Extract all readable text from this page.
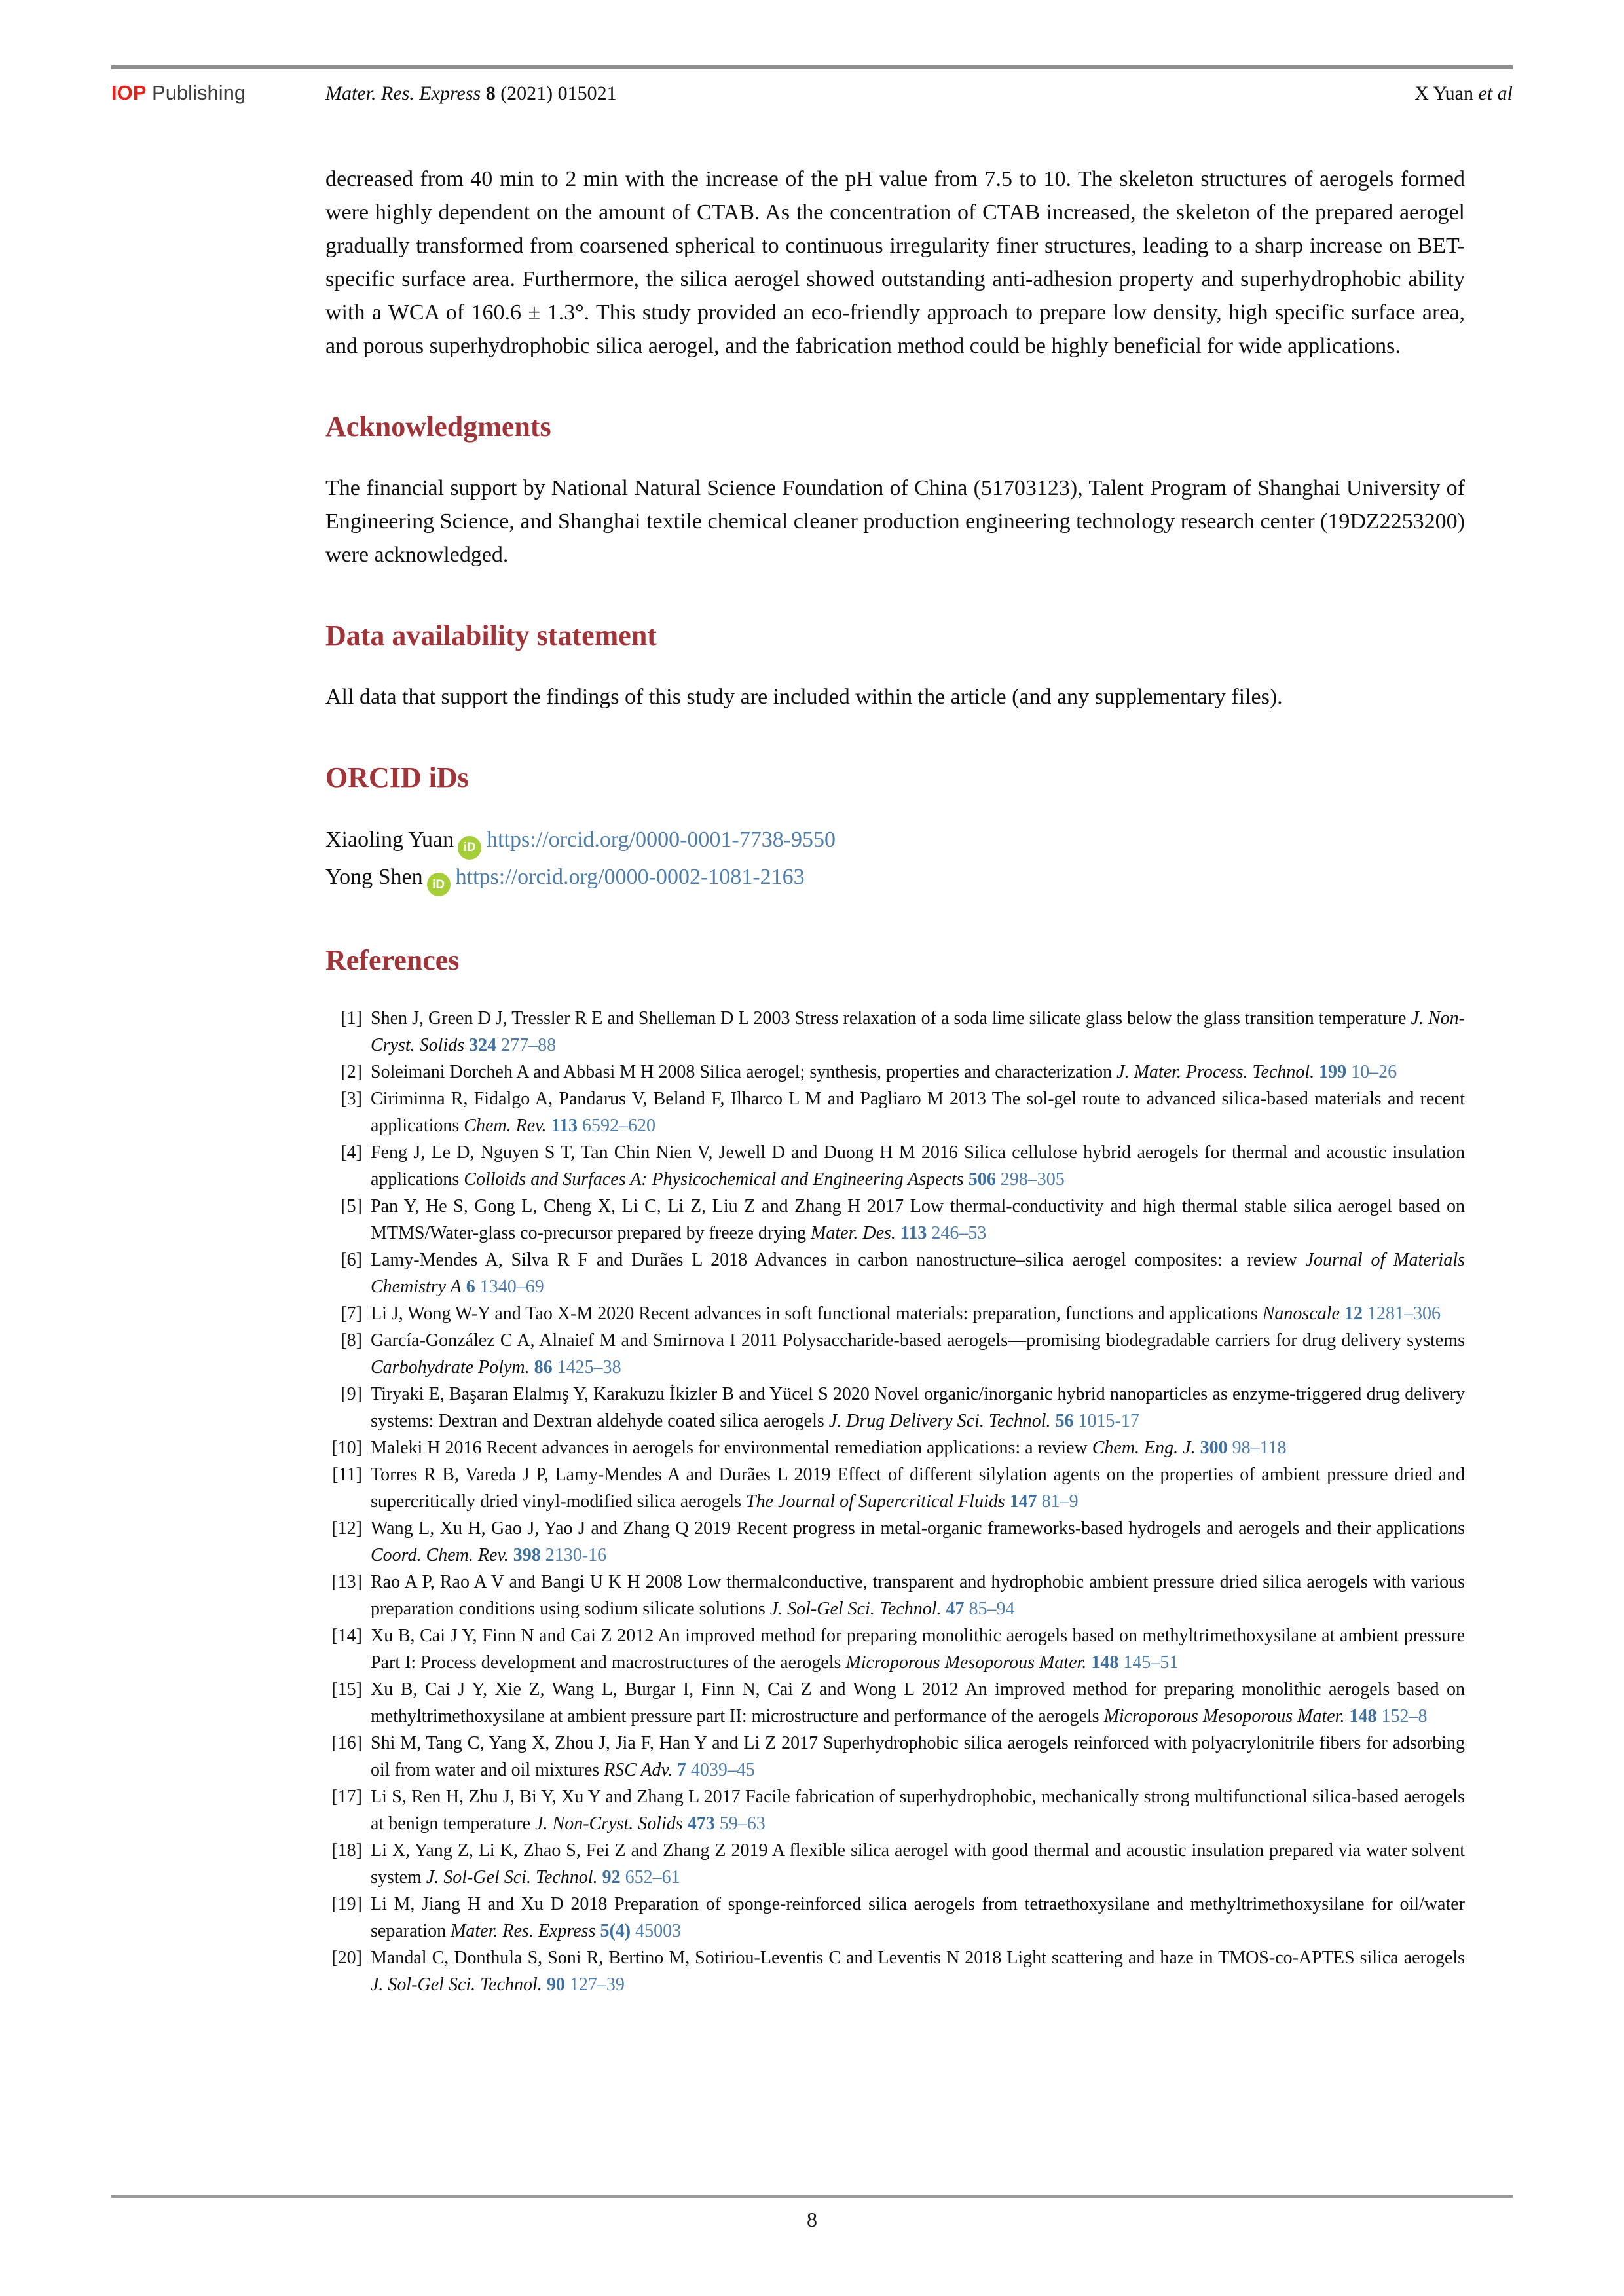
IOP Publishing	Mater. Res. Express 8 (2021) 015021	X Yuan et al

decreased from 40 min to 2 min with the increase of the pH value from 7.5 to 10. The skeleton structures of aerogels formed were highly dependent on the amount of CTAB. As the concentration of CTAB increased, the skeleton of the prepared aerogel gradually transformed from coarsened spherical to continuous irregularity finer structures, leading to a sharp increase on BET-specific surface area. Furthermore, the silica aerogel showed outstanding anti-adhesion property and superhydrophobic ability with a WCA of 160.6 ± 1.3°. This study provided an eco-friendly approach to prepare low density, high specific surface area, and porous superhydrophobic silica aerogel, and the fabrication method could be highly beneficial for wide applications.

Acknowledgments

The financial support by National Natural Science Foundation of China (51703123), Talent Program of Shanghai University of Engineering Science, and Shanghai textile chemical cleaner production engineering technology research center (19DZ2253200) were acknowledged.

Data availability statement

All data that support the findings of this study are included within the article (and any supplementary files).

ORCID iDs
Xiaoling Yuan iD https://orcid.org/0000-0001-7738-9550
Yong Shen iD https://orcid.org/0000-0002-1081-2163
References
[1] Shen J, Green D J, Tressler R E and Shelleman D L 2003 Stress relaxation of a soda lime silicate glass below the glass transition temperature J. Non-Cryst. Solids 324 277–88
[2] Soleimani Dorcheh A and Abbasi M H 2008 Silica aerogel; synthesis, properties and characterization J. Mater. Process. Technol. 199 10–26
[3] Ciriminna R, Fidalgo A, Pandarus V, Beland F, Ilharco L M and Pagliaro M 2013 The sol-gel route to advanced silica-based materials and recent applications Chem. Rev. 113 6592–620
[4] Feng J, Le D, Nguyen S T, Tan Chin Nien V, Jewell D and Duong H M 2016 Silica cellulose hybrid aerogels for thermal and acoustic insulation applications Colloids and Surfaces A: Physicochemical and Engineering Aspects 506 298–305
[5] Pan Y, He S, Gong L, Cheng X, Li C, Li Z, Liu Z and Zhang H 2017 Low thermal-conductivity and high thermal stable silica aerogel based on MTMS/Water-glass co-precursor prepared by freeze drying Mater. Des. 113 246–53
[6] Lamy-Mendes A, Silva R F and Durães L 2018 Advances in carbon nanostructure–silica aerogel composites: a review Journal of Materials Chemistry A 6 1340–69
[7] Li J, Wong W-Y and Tao X-M 2020 Recent advances in soft functional materials: preparation, functions and applications Nanoscale 12 1281–306
[8] García-González C A, Alnaief M and Smirnova I 2011 Polysaccharide-based aerogels—promising biodegradable carriers for drug delivery systems Carbohydrate Polym. 86 1425–38
[9] Tiryaki E, Başaran Elalmış Y, Karakuzu İkizler B and Yücel S 2020 Novel organic/inorganic hybrid nanoparticles as enzyme-triggered drug delivery systems: Dextran and Dextran aldehyde coated silica aerogels J. Drug Delivery Sci. Technol. 56 1015-17
[10] Maleki H 2016 Recent advances in aerogels for environmental remediation applications: a review Chem. Eng. J. 300 98–118
[11] Torres R B, Vareda J P, Lamy-Mendes A and Durães L 2019 Effect of different silylation agents on the properties of ambient pressure dried and supercritically dried vinyl-modified silica aerogels The Journal of Supercritical Fluids 147 81–9
[12] Wang L, Xu H, Gao J, Yao J and Zhang Q 2019 Recent progress in metal-organic frameworks-based hydrogels and aerogels and their applications Coord. Chem. Rev. 398 2130-16
[13] Rao A P, Rao A V and Bangi U K H 2008 Low thermalconductive, transparent and hydrophobic ambient pressure dried silica aerogels with various preparation conditions using sodium silicate solutions J. Sol-Gel Sci. Technol. 47 85–94
[14] Xu B, Cai J Y, Finn N and Cai Z 2012 An improved method for preparing monolithic aerogels based on methyltrimethoxysilane at ambient pressure Part I: Process development and macrostructures of the aerogels Microporous Mesoporous Mater. 148 145–51
[15] Xu B, Cai J Y, Xie Z, Wang L, Burgar I, Finn N, Cai Z and Wong L 2012 An improved method for preparing monolithic aerogels based on methyltrimethoxysilane at ambient pressure part II: microstructure and performance of the aerogels Microporous Mesoporous Mater. 148 152–8
[16] Shi M, Tang C, Yang X, Zhou J, Jia F, Han Y and Li Z 2017 Superhydrophobic silica aerogels reinforced with polyacrylonitrile fibers for adsorbing oil from water and oil mixtures RSC Adv. 7 4039–45
[17] Li S, Ren H, Zhu J, Bi Y, Xu Y and Zhang L 2017 Facile fabrication of superhydrophobic, mechanically strong multifunctional silica-based aerogels at benign temperature J. Non-Cryst. Solids 473 59–63
[18] Li X, Yang Z, Li K, Zhao S, Fei Z and Zhang Z 2019 A flexible silica aerogel with good thermal and acoustic insulation prepared via water solvent system J. Sol-Gel Sci. Technol. 92 652–61
[19] Li M, Jiang H and Xu D 2018 Preparation of sponge-reinforced silica aerogels from tetraethoxysilane and methyltrimethoxysilane for oil/water separation Mater. Res. Express 5(4) 45003
[20] Mandal C, Donthula S, Soni R, Bertino M, Sotiriou-Leventis C and Leventis N 2018 Light scattering and haze in TMOS-co-APTES silica aerogels J. Sol-Gel Sci. Technol. 90 127–39
8
